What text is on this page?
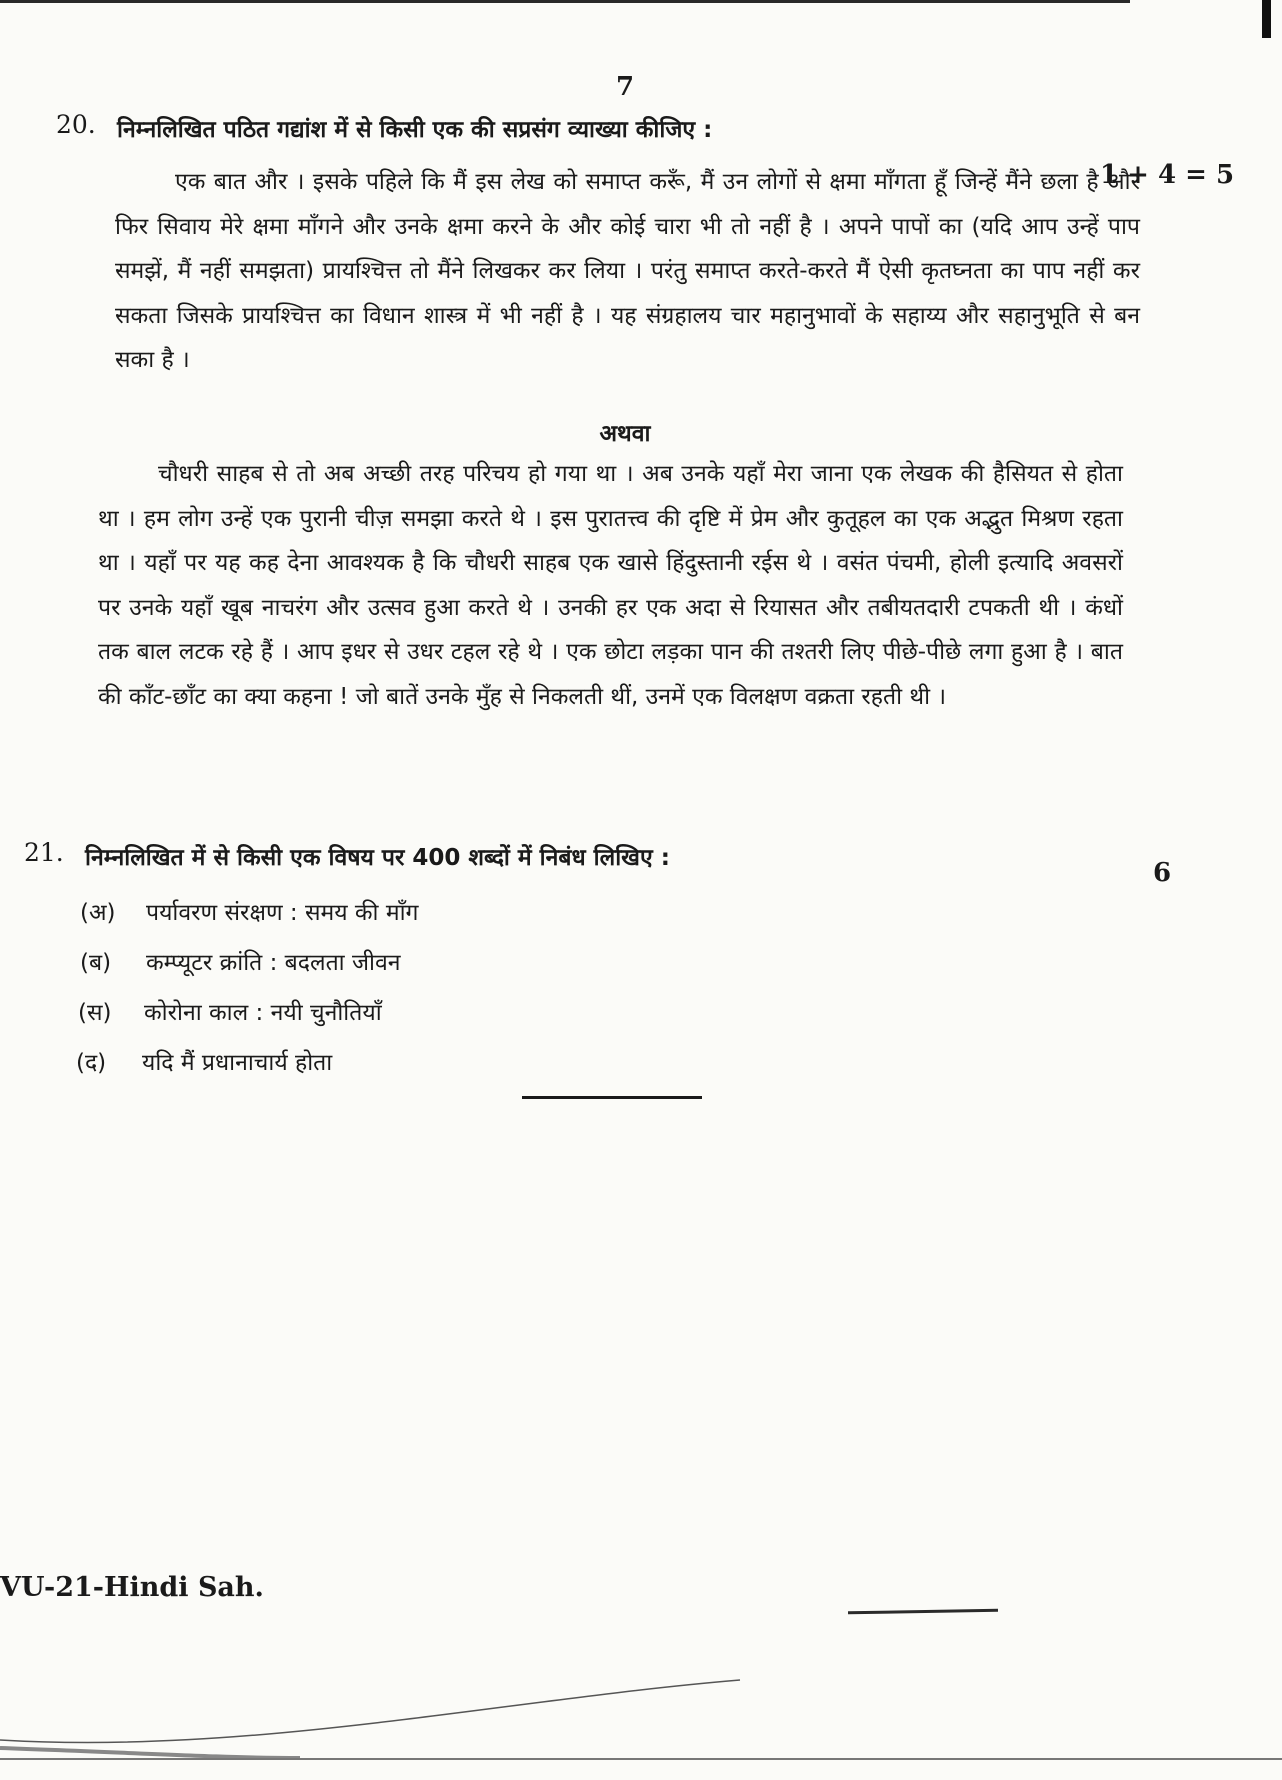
7
20. निम्नलिखित पठित गद्यांश में से किसी एक की सप्रसंग व्याख्या कीजिए :
1 + 4 = 5

एक बात और । इसके पहिले कि मैं इस लेख को समाप्त करूँ, मैं उन लोगों से क्षमा माँगता हूँ जिन्हें मैंने छला है और फिर सिवाय मेरे क्षमा माँगने और उनके क्षमा करने के और कोई चारा भी तो नहीं है । अपने पापों का (यदि आप उन्हें पाप समझें, मैं नहीं समझता) प्रायश्चित्त तो मैंने लिखकर कर लिया । परंतु समाप्त करते-करते मैं ऐसी कृतघ्नता का पाप नहीं कर सकता जिसके प्रायश्चित्त का विधान शास्त्र में भी नहीं है । यह संग्रहालय चार महानुभावों के सहाय्य और सहानुभूति से बन सका है ।

अथवा

चौधरी साहब से तो अब अच्छी तरह परिचय हो गया था । अब उनके यहाँ मेरा जाना एक लेखक की हैसियत से होता था । हम लोग उन्हें एक पुरानी चीज़ समझा करते थे । इस पुरातत्त्व की दृष्टि में प्रेम और कुतूहल का एक अद्भुत मिश्रण रहता था । यहाँ पर यह कह देना आवश्यक है कि चौधरी साहब एक खासे हिंदुस्तानी रईस थे । वसंत पंचमी, होली इत्यादि अवसरों पर उनके यहाँ खूब नाचरंग और उत्सव हुआ करते थे । उनकी हर एक अदा से रियासत और तबीयतदारी टपकती थी । कंधों तक बाल लटक रहे हैं । आप इधर से उधर टहल रहे थे । एक छोटा लड़का पान की तश्तरी लिए पीछे-पीछे लगा हुआ है । बात की काँट-छाँट का क्या कहना ! जो बातें उनके मुँह से निकलती थीं, उनमें एक विलक्षण वक्रता रहती थी ।

21. निम्नलिखित में से किसी एक विषय पर 400 शब्दों में निबंध लिखिए :	6
(अ) पर्यावरण संरक्षण : समय की माँग
(ब) कम्प्यूटर क्रांति : बदलता जीवन
(स) कोरोना काल : नयी चुनौतियाँ
(द) यदि मैं प्रधानाचार्य होता
VU-21-Hindi Sah.
